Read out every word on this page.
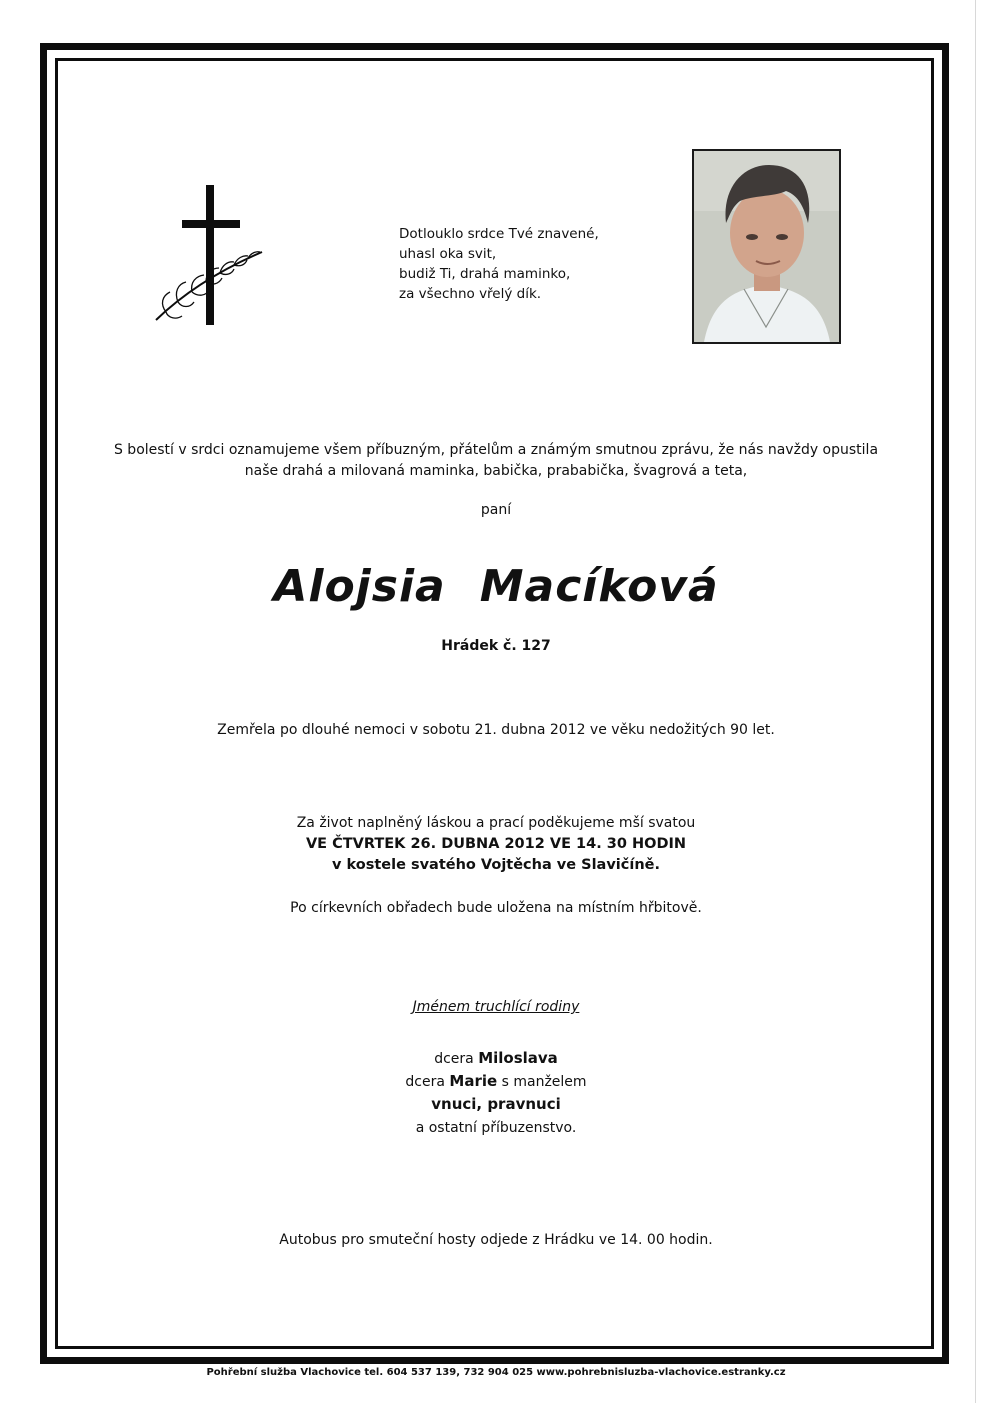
Dotlouklo srdce Tvé znavené,
uhasl oka svit,
budiž Ti, drahá maminko,
za všechno vřelý dík.
S bolestí v srdci oznamujeme všem příbuzným, přátelům a známým smutnou zprávu, že nás navždy opustila
naše drahá a milovaná maminka, babička, prababička, švagrová a teta,
paní
Alojsia Macíková
Hrádek č. 127
Zemřela po dlouhé nemoci v sobotu 21. dubna 2012 ve věku nedožitých 90 let.
Za život naplněný láskou a prací poděkujeme mší svatou
VE ČTVRTEK 26. DUBNA 2012 VE 14. 30 HODIN
v kostele svatého Vojtěcha ve Slavičíně.
Po církevních obřadech bude uložena na místním hřbitově.
Jménem truchlící rodiny
dcera Miloslava
dcera Marie s manželem
vnuci, pravnuci
a ostatní příbuzenstvo.
Autobus pro smuteční hosty odjede z Hrádku ve 14. 00 hodin.
Pohřební služba Vlachovice tel. 604 537 139, 732 904 025 www.pohrebnisluzba-vlachovice.estranky.cz
